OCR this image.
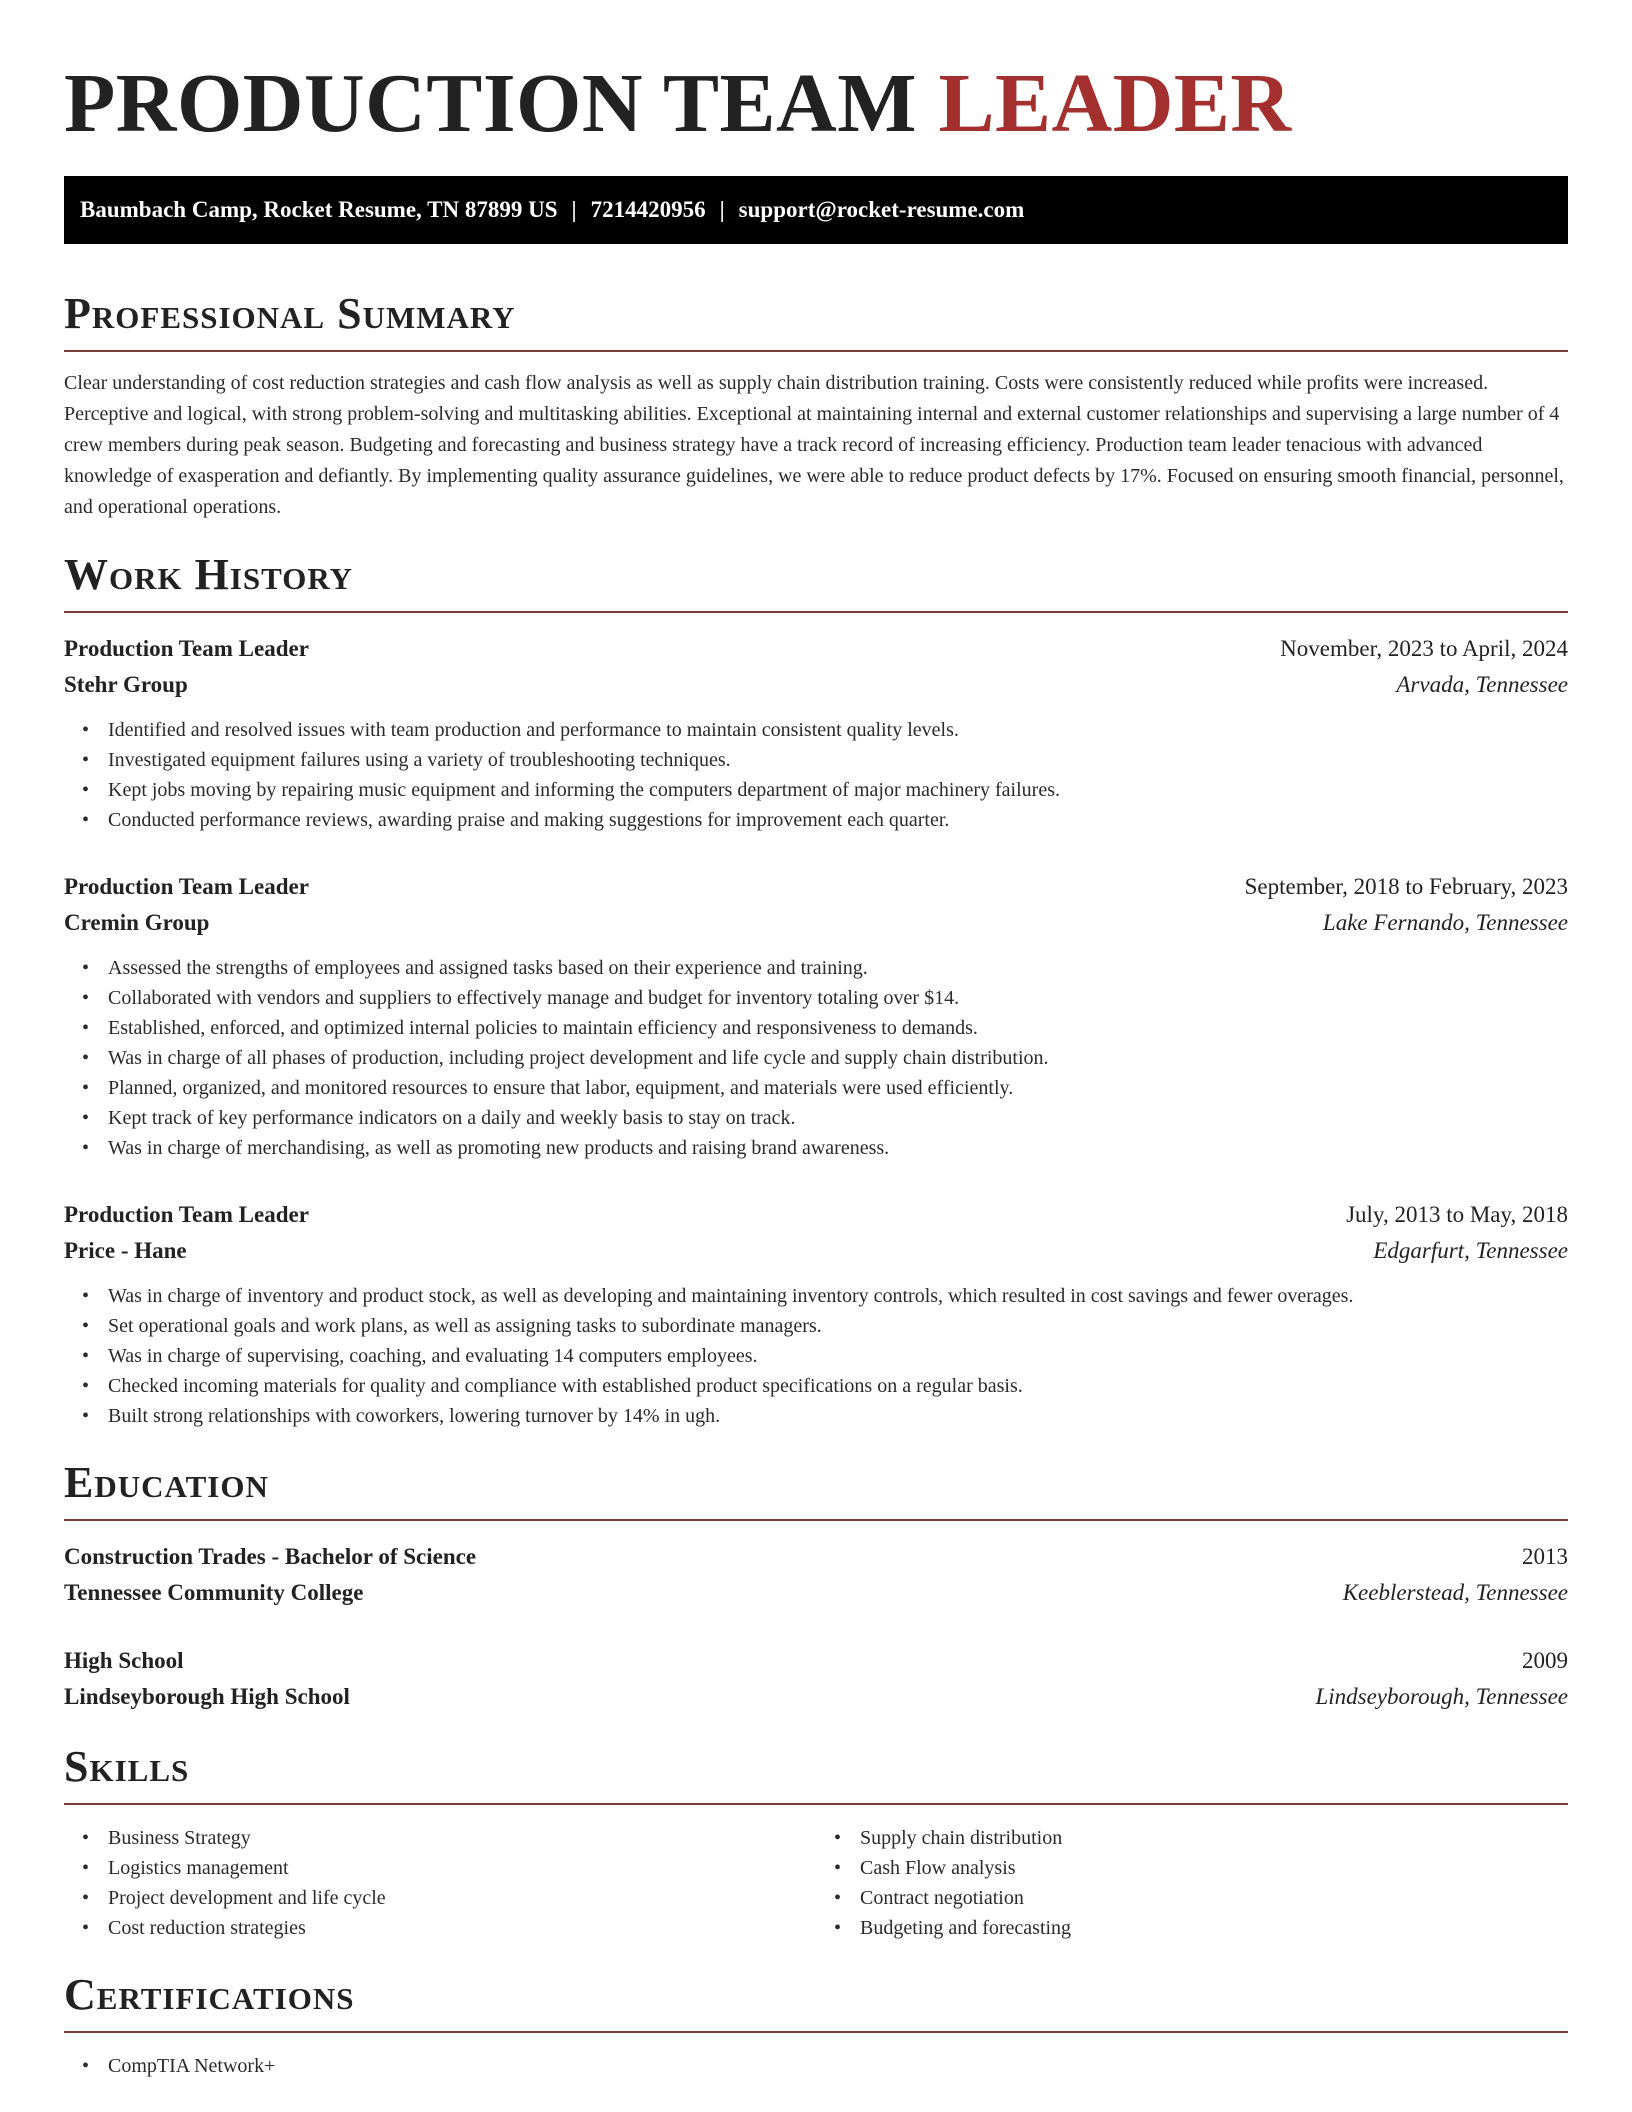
PRODUCTION TEAM LEADER
Baumbach Camp, Rocket Resume, TN 87899 US | 7214420956 | support@rocket-resume.com
Professional Summary

Clear understanding of cost reduction strategies and cash flow analysis as well as supply chain distribution training. Costs were consistently reduced while profits were increased. Perceptive and logical, with strong problem-solving and multitasking abilities. Exceptional at maintaining internal and external customer relationships and supervising a large number of 4 crew members during peak season. Budgeting and forecasting and business strategy have a track record of increasing efficiency. Production team leader tenacious with advanced knowledge of exasperation and defiantly. By implementing quality assurance guidelines, we were able to reduce product defects by 17%. Focused on ensuring smooth financial, personnel, and operational operations.

Work History
Production Team Leader	November, 2023 to April, 2024
Stehr Group	Arvada, Tennessee
• Identified and resolved issues with team production and performance to maintain consistent quality levels.
• Investigated equipment failures using a variety of troubleshooting techniques.
• Kept jobs moving by repairing music equipment and informing the computers department of major machinery failures.
• Conducted performance reviews, awarding praise and making suggestions for improvement each quarter.
Production Team Leader	September, 2018 to February, 2023
Cremin Group	Lake Fernando, Tennessee
• Assessed the strengths of employees and assigned tasks based on their experience and training.
• Collaborated with vendors and suppliers to effectively manage and budget for inventory totaling over $14.
• Established, enforced, and optimized internal policies to maintain efficiency and responsiveness to demands.
• Was in charge of all phases of production, including project development and life cycle and supply chain distribution.
• Planned, organized, and monitored resources to ensure that labor, equipment, and materials were used efficiently.
• Kept track of key performance indicators on a daily and weekly basis to stay on track.
• Was in charge of merchandising, as well as promoting new products and raising brand awareness.
Production Team Leader	July, 2013 to May, 2018
Price - Hane	Edgarfurt, Tennessee
• Was in charge of inventory and product stock, as well as developing and maintaining inventory controls, which resulted in cost savings and fewer overages.
• Set operational goals and work plans, as well as assigning tasks to subordinate managers.
• Was in charge of supervising, coaching, and evaluating 14 computers employees.
• Checked incoming materials for quality and compliance with established product specifications on a regular basis.
• Built strong relationships with coworkers, lowering turnover by 14% in ugh.
Education
Construction Trades - Bachelor of Science	2013
Tennessee Community College	Keeblerstead, Tennessee
High School	2009
Lindseyborough High School	Lindseyborough, Tennessee
Skills
• Business Strategy
• Logistics management
• Project development and life cycle
• Cost reduction strategies
• Supply chain distribution
• Cash Flow analysis
• Contract negotiation
• Budgeting and forecasting
Certifications
• CompTIA Network+
